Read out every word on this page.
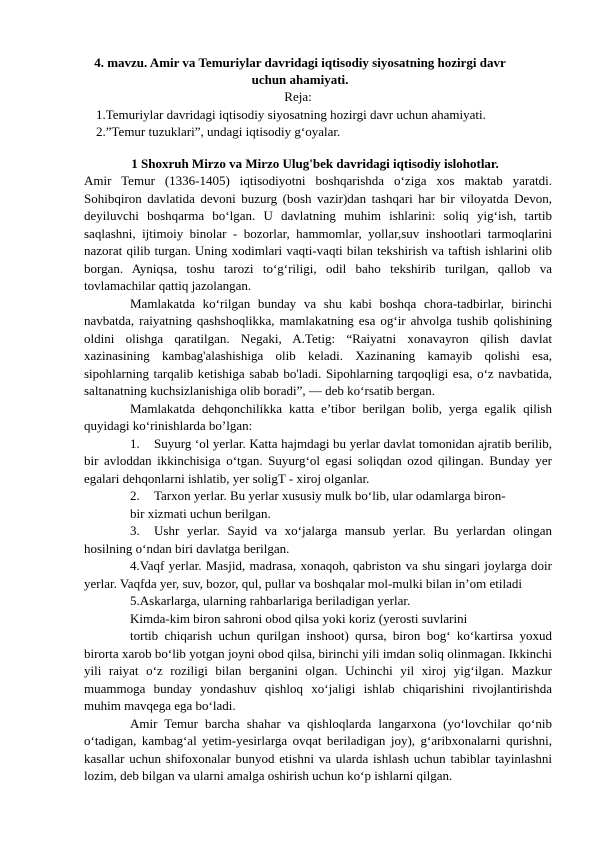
4. mavzu. Amir va Temuriylar davridagi iqtisodiy siyosatning hozirgi davr uchun ahamiyati.
Reja:
1.Temuriylar davridagi iqtisodiy siyosatning hozirgi davr uchun ahamiyati.
2.”Temur tuzuklari”, undagi iqtisodiy g‘oyalar.
1 Shoxruh Mirzo va Mirzo Ulug'bek davridagi iqtisodiy islohotlar.

Amir Temur (1336-1405) iqtisodiyotni boshqarishda o‘ziga xos maktab yaratdi. Sohibqiron davlatida devoni buzurg (bosh vazir)dan tashqari har bir viloyatda Devon, deyiluvchi boshqarma bo‘lgan. U davlatning muhim ishlarini: soliq yig‘ish, tartib saqlashni, ijtimoiy binolar - bozorlar, hammomlar, yollar,suv inshootlari tarmoqlarini nazorat qilib turgan. Uning xodimlari vaqti-vaqti bilan tekshirish va taftish ishlarini olib borgan. Ayniqsa, toshu tarozi to‘g‘riligi, odil baho tekshirib turilgan, qallob va tovlamachilar qattiq jazolangan.

Mamlakatda ko‘rilgan bunday va shu kabi boshqa chora-tadbirlar, birinchi navbatda, raiyatning qashshoqlikka, mamlakatning esa og‘ir ahvolga tushib qolishining oldini olishga qaratilgan. Negaki, A.Tetig: “Raiyatni xonavayron qilish davlat xazinasining kambag'alashishiga olib keladi. Xazinaning kamayib qolishi esa, sipohlarning tarqalib ketishiga sabab bo'ladi. Sipohlarning tarqoqligi esa, o‘z navbatida, saltanatning kuchsizlanishiga olib boradi”, — deb ko‘rsatib bergan.

Mamlakatda dehqonchilikka katta e’tibor berilgan bolib, yerga egalik qilish quyidagi ko‘rinishlarda bo’lgan:

1. Suyurg ‘ol yerlar. Katta hajmdagi bu yerlar davlat tomonidan ajratib berilib, bir avloddan ikkinchisiga o‘tgan. Suyurg‘ol egasi soliqdan ozod qilingan. Bunday yer egalari dehqonlarni ishlatib, yer soligT - xiroj olganlar.

2. Tarxon yerlar. Bu yerlar xususiy mulk bo‘lib, ular odamlarga biron-

bir xizmati uchun berilgan.

3. Ushr yerlar. Sayid va xo‘jalarga mansub yerlar. Bu yerlardan olingan hosilning o‘ndan biri davlatga berilgan.

4.Vaqf yerlar. Masjid, madrasa, xonaqoh, qabriston va shu singari joylarga doir yerlar. Vaqfda yer, suv, bozor, qul, pullar va boshqalar mol-mulki bilan in’om etiladi

5.Askarlarga, ularning rahbarlariga beriladigan yerlar.

Kimda-kim biron sahroni obod qilsa yoki koriz (yerosti suvlarini

tortib chiqarish uchun qurilgan inshoot) qursa, biron bog‘ ko‘kartirsa yoxud birorta xarob bo‘lib yotgan joyni obod qilsa, birinchi yili imdan soliq olinmagan. Ikkinchi yili raiyat o‘z roziligi bilan berganini olgan. Uchinchi yil xiroj yig‘ilgan. Mazkur muammoga bunday yondashuv qishloq xo‘jaligi ishlab chiqarishini rivojlantirishda muhim mavqega ega bo‘ladi.

Amir Temur barcha shahar va qishloqlarda langarxona (yo‘lovchilar qo‘nib o‘tadigan, kambag‘al yetim-yesirlarga ovqat beriladigan joy), g‘aribxonalarni qurishni, kasallar uchun shifoxonalar bunyod etishni va ularda ishlash uchun tabiblar tayinlashni lozim, deb bilgan va ularni amalga oshirish uchun ko‘p ishlarni qilgan.
